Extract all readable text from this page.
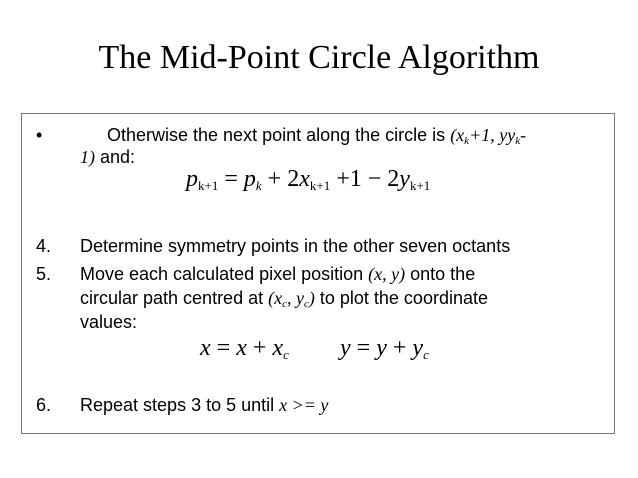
The Mid-Point Circle Algorithm
•	Otherwise the next point along the circle is ($x_k+1$, $yy_k-$
1) and:
$p_{k+1} = p_k + 2x_{k+1} +1 - 2y_{k+1}$
4. Determine symmetry points in the other seven octants
5. Move each calculated pixel position (x, y) onto the
circular path centred at ($x_c$, $y_c$) to plot the coordinate
values:
$x = x + x_c$ $y = y + y_c$
6. Repeat steps 3 to 5 until x >= y
